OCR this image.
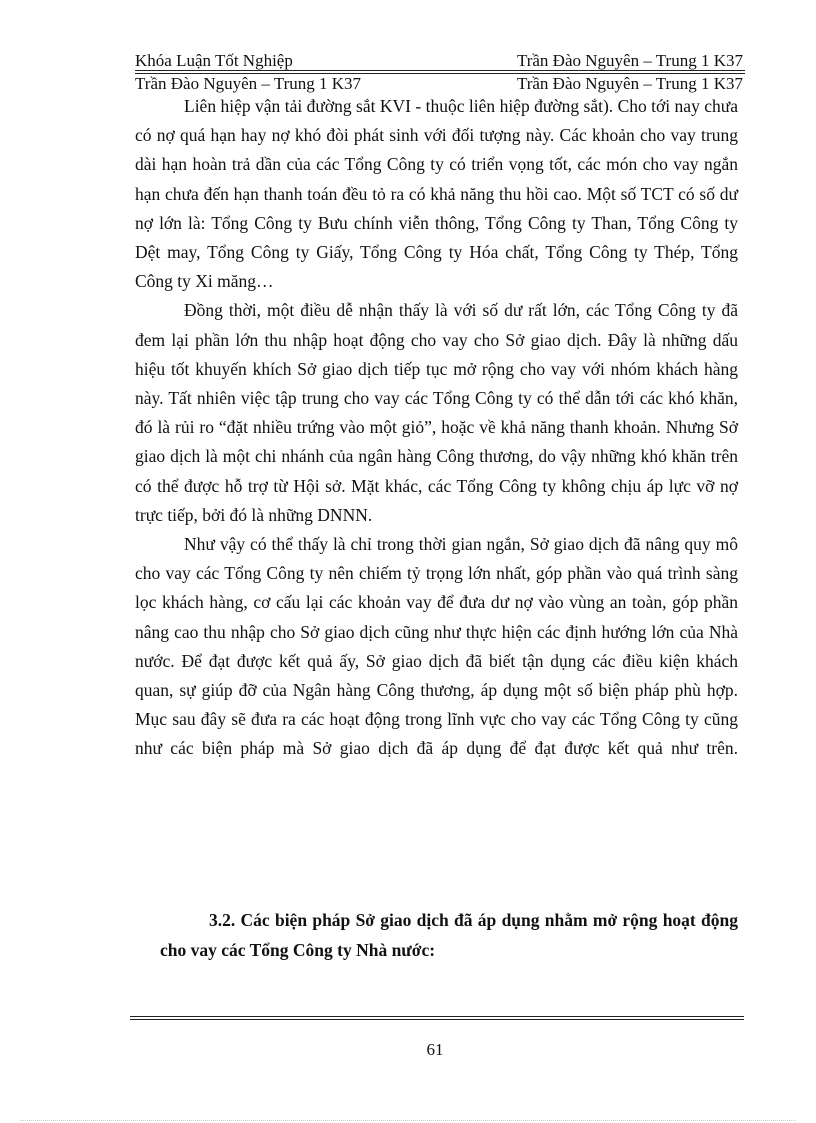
Khóa Luận Tốt Nghiệp	Trần Đào Nguyên – Trung 1 K37
Trần Đào Nguyên – Trung 1 K37	Trần Đào Nguyên – Trung 1 K37

Liên hiệp vận tải đường sắt KVI - thuộc liên hiệp đường sắt). Cho tới nay chưa có nợ quá hạn hay nợ khó đòi phát sinh với đối tượng này. Các khoản cho vay trung dài hạn hoàn trả dần của các Tổng Công ty có triển vọng tốt, các món cho vay ngắn hạn chưa đến hạn thanh toán đều tỏ ra có khả năng thu hồi cao. Một số TCT có số dư nợ lớn là: Tổng Công ty Bưu chính viễn thông, Tổng Công ty Than, Tổng Công ty Dệt may, Tổng Công ty Giấy, Tổng Công ty Hóa chất, Tổng Công ty Thép, Tổng Công ty Xi măng…

Đồng thời, một điều dễ nhận thấy là với số dư rất lớn, các Tổng Công ty đã đem lại phần lớn thu nhập hoạt động cho vay cho Sở giao dịch. Đây là những dấu hiệu tốt khuyến khích Sở giao dịch tiếp tục mở rộng cho vay với nhóm khách hàng này. Tất nhiên việc tập trung cho vay các Tổng Công ty có thể dẫn tới các khó khăn, đó là rủi ro “đặt nhiều trứng vào một giỏ”, hoặc về khả năng thanh khoản. Nhưng Sở giao dịch là một chi nhánh của ngân hàng Công thương, do vậy những khó khăn trên có thể được hỗ trợ từ Hội sở. Mặt khác, các Tổng Công ty không chịu áp lực vỡ nợ trực tiếp, bởi đó là những DNNN.

Như vậy có thể thấy là chỉ trong thời gian ngắn, Sở giao dịch đã nâng quy mô cho vay các Tổng Công ty nên chiếm tỷ trọng lớn nhất, góp phần vào quá trình sàng lọc khách hàng, cơ cấu lại các khoản vay để đưa dư nợ vào vùng an toàn, góp phần nâng cao thu nhập cho Sở giao dịch cũng như thực hiện các định hướng lớn của Nhà nước. Để đạt được kết quả ấy, Sở giao dịch đã biết tận dụng các điều kiện khách quan, sự giúp đỡ của Ngân hàng Công thương, áp dụng một số biện pháp phù hợp. Mục sau đây sẽ đưa ra các hoạt động trong lĩnh vực cho vay các Tổng Công ty cũng như các biện pháp mà Sở giao dịch đã áp dụng để đạt được kết quả như trên.

3.2. Các biện pháp Sở giao dịch đã áp dụng nhằm mở rộng hoạt động cho vay các Tổng Công ty Nhà nước:
61
